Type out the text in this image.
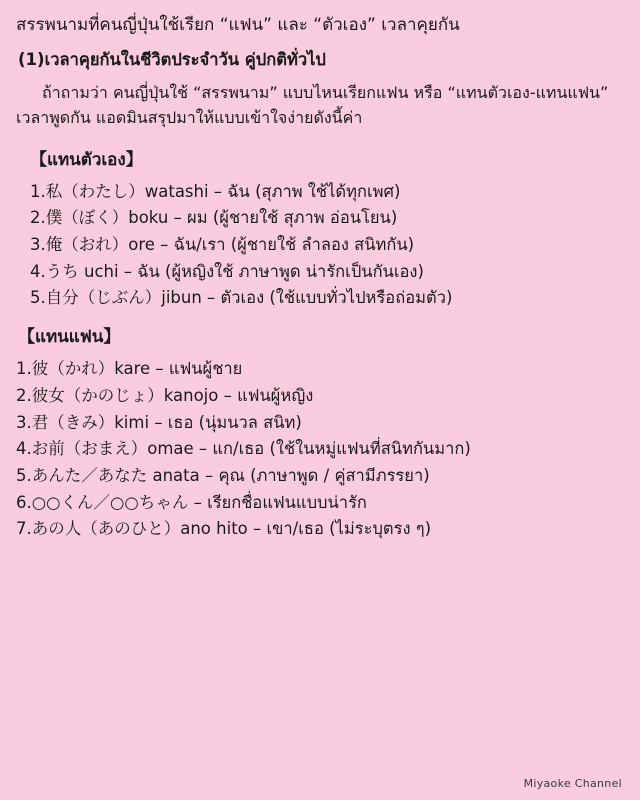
สรรพนามที่คนญี่ปุ่นใช้เรียก “แฟน” และ “ตัวเอง” เวลาคุยกัน
(1)เวลาคุยกันในชีวิตประจำวัน คู่ปกติทั่วไป

ถ้าถามว่า คนญี่ปุ่นใช้ “สรรพนาม” แบบไหนเรียกแฟน หรือ “แทนตัวเอง-แทนแฟน” เวลาพูดกัน แอดมินสรุปมาให้แบบเข้าใจง่ายดังนี้ค่า

【แทนตัวเอง】
1.私（わたし）watashi – ฉัน (สุภาพ ใช้ได้ทุกเพศ)
2.僕（ぼく）boku – ผม (ผู้ชายใช้ สุภาพ อ่อนโยน)
3.俺（おれ）ore – ฉัน/เรา (ผู้ชายใช้ ลำลอง สนิทกัน)
4.うち uchi – ฉัน (ผู้หญิงใช้ ภาษาพูด น่ารักเป็นกันเอง)
5.自分（じぶん）jibun – ตัวเอง (ใช้แบบทั่วไปหรือถ่อมตัว)
【แทนแฟน】
1.彼（かれ）kare – แฟนผู้ชาย
2.彼女（かのじょ）kanojo – แฟนผู้หญิง
3.君（きみ）kimi – เธอ (นุ่มนวล สนิท)
4.お前（おまえ）omae – แก/เธอ (ใช้ในหมู่แฟนที่สนิทกันมาก)
5.あんた／あなた anata – คุณ (ภาษาพูด / คู่สามีภรรยา)
6.○○くん／○○ちゃん – เรียกชื่อแฟนแบบน่ารัก
7.あの人（あのひと）ano hito – เขา/เธอ (ไม่ระบุตรง ๆ)
Miyaoke Channel
